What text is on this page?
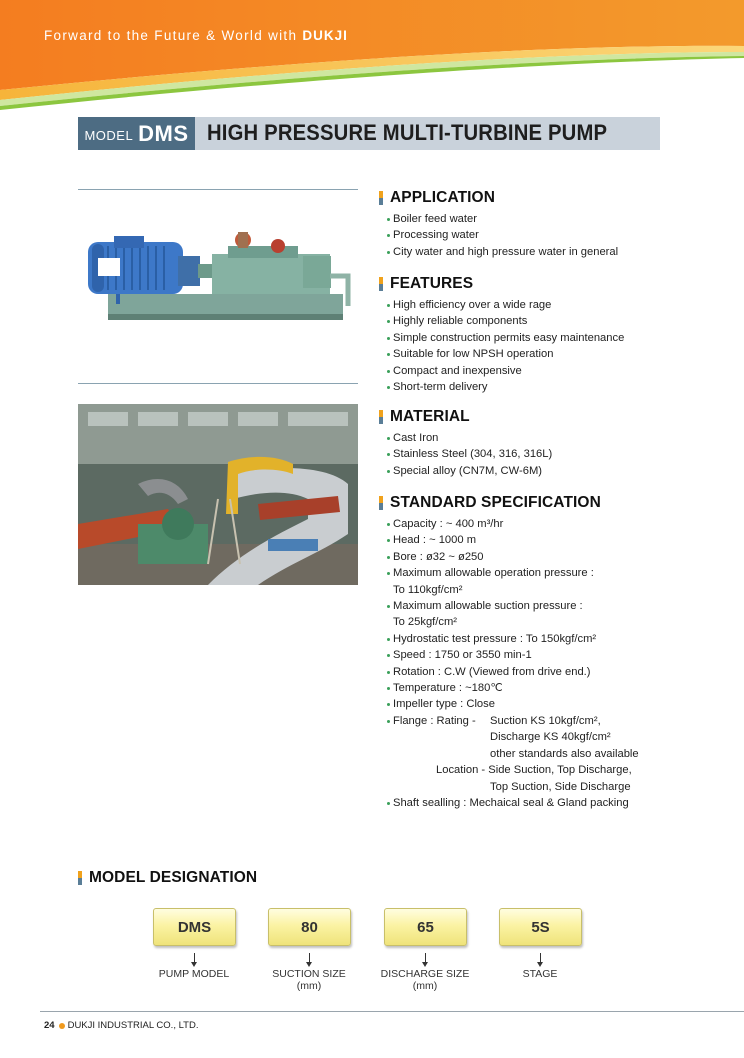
Forward to the Future & World with DUKJI
MODEL DMS HIGH PRESSURE MULTI-TURBINE PUMP
APPLICATION
Boiler feed water
Processing water
City water and high pressure water in general
FEATURES
High efficiency over a wide rage
Highly reliable components
Simple construction permits easy maintenance
Suitable for low NPSH operation
Compact and inexpensive
Short-term delivery
MATERIAL
Cast Iron
Stainless Steel (304, 316, 316L)
Special alloy (CN7M, CW-6M)
STANDARD SPECIFICATION
Capacity : ~ 400 m³/hr
Head : ~ 1000 m
Bore : ø32 ~ ø250
Maximum allowable operation pressure :
To 110kgf/cm²
Maximum allowable suction pressure :
To 25kgf/cm²
Hydrostatic test pressure : To 150kgf/cm²
Speed : 1750 or 3550 min-1
Rotation : C.W (Viewed from drive end.)
Temperature : ~180℃
Impeller type : Close
Flange : Rating -	Suction KS 10kgf/cm²,
Discharge KS 40kgf/cm²
other standards also available
Location - Side Suction, Top Discharge,
Top Suction, Side Discharge
Shaft sealling : Mechaical seal & Gland packing
MODEL DESIGNATION
DMS
PUMP MODEL
80
SUCTION SIZE
(mm)
65
DISCHARGE SIZE
(mm)
5S
STAGE
24 DUKJI INDUSTRIAL CO., LTD.
